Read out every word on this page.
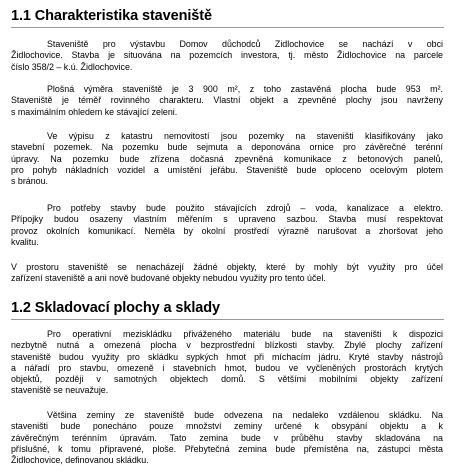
1.1 Charakteristika staveniště

Staveniště pro výstavbu Domov důchodců Zidlochovice se nachází v obci
Židlochovice. Stavba je situována na pozemcích investora, tj. město Židlochovice na parcele
číslo 358/2 – k.ú. Židlochovice.

Plošná výměra staveniště je 3 900 m², z toho zastavěná plocha bude 953 m².
Staveniště je téměř rovinného charakteru. Vlastní objekt a zpevněné plochy jsou navrženy
s maximálním ohledem ke stávající zeleni.

Ve výpisu z katastru nemovitostí jsou pozemky na staveništi klasifikovány jako
stavební pozemek. Na pozemku bude sejmuta a deponována ornice pro závěrečné terénní
úpravy. Na pozemku bude zřízena dočasná zpevněná komunikace z betonových panelů,
pro pohyb nákladních vozidel a umístění jeřábu. Staveniště bude oploceno ocelovým plotem
s bránou.

Pro potřeby stavby bude použito stávajících zdrojů – voda, kanalizace a elektro.
Přípojky budou osazeny vlastním měřením s upraveno sazbou. Stavba musí respektovat
provoz okolních komunikací. Neměla by okolní prostředí výrazně narušovat a zhoršovat jeho
kvalitu.

V prostoru staveniště se nenacházejí žádné objekty, které by mohly být využity pro účel
zařízení staveniště a ani nově budované objekty nebudou využity pro tento účel.

1.2 Skladovací plochy a sklady

Pro operativní meziskládku přiváženého materiálu bude na staveništi k dispozici
nezbytně nutná a omezená plocha v bezprostřední blízkosti stavby. Zbylé plochy zařízení
staveniště budou využity pro skládku sypkých hmot při míchacím jádru. Kryté stavby nástrojů
a nářadí pro stavbu, omezeně i stavebních hmot, budou ve vyčleněných prostorách krytých
objektů, později v samotných objektech domů. S většími mobilními objekty zařízení
staveniště se neuvažuje.

Většina zeminy ze staveniště bude odvezena na nedaleko vzdálenou skládku. Na
staveništi bude ponecháno pouze množství zeminy určené k obsypání objektu a k
závěrečným terénním úpravám. Tato zemina bude v průběhu stavby skladována na
příslušné, k tomu připravené, ploše. Přebytečná zemina bude přemístěna na, zástupci města
Židlochovice, definovanou skládku.
